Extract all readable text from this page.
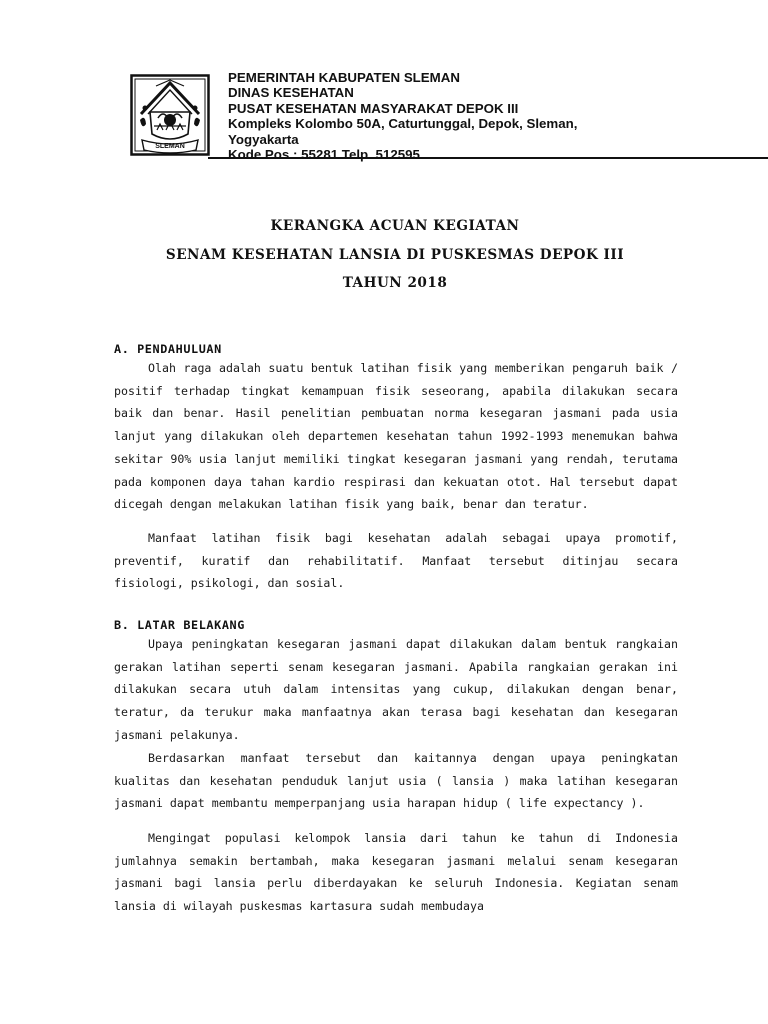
SLEMAN
PEMERINTAH KABUPATEN SLEMAN
DINAS KESEHATAN
PUSAT KESEHATAN MASYARAKAT DEPOK III
Kompleks Kolombo 50A, Caturtunggal, Depok, Sleman,
Yogyakarta
Kode Pos : 55281 Telp. 512595
KERANGKA ACUAN KEGIATAN
SENAM KESEHATAN LANSIA DI PUSKESMAS DEPOK III
TAHUN 2018
A. PENDAHULUAN
Olah raga adalah suatu bentuk latihan fisik yang memberikan pengaruh baik / positif terhadap tingkat kemampuan fisik seseorang, apabila dilakukan secara baik dan benar. Hasil penelitian pembuatan norma kesegaran jasmani pada usia lanjut yang dilakukan oleh departemen kesehatan tahun 1992-1993 menemukan bahwa sekitar 90% usia lanjut memiliki tingkat kesegaran jasmani yang rendah, terutama pada komponen daya tahan kardio respirasi dan kekuatan otot. Hal tersebut dapat dicegah dengan melakukan latihan fisik yang baik, benar dan teratur.
Manfaat latihan fisik bagi kesehatan adalah sebagai upaya promotif, preventif, kuratif dan rehabilitatif. Manfaat tersebut ditinjau secara fisiologi, psikologi, dan sosial.
B. LATAR BELAKANG
Upaya peningkatan kesegaran jasmani dapat dilakukan dalam bentuk rangkaian gerakan latihan seperti senam kesegaran jasmani. Apabila rangkaian gerakan ini dilakukan secara utuh dalam intensitas yang cukup, dilakukan dengan benar, teratur, da terukur maka manfaatnya akan terasa bagi kesehatan dan kesegaran jasmani pelakunya.
Berdasarkan manfaat tersebut dan kaitannya dengan upaya peningkatan kualitas dan kesehatan penduduk lanjut usia ( lansia ) maka latihan kesegaran jasmani dapat membantu memperpanjang usia harapan hidup ( life expectancy ).
Mengingat populasi kelompok lansia dari tahun ke tahun di Indonesia jumlahnya semakin bertambah, maka kesegaran jasmani melalui senam kesegaran jasmani bagi lansia perlu diberdayakan ke seluruh Indonesia. Kegiatan senam lansia di wilayah puskesmas kartasura sudah membudaya
